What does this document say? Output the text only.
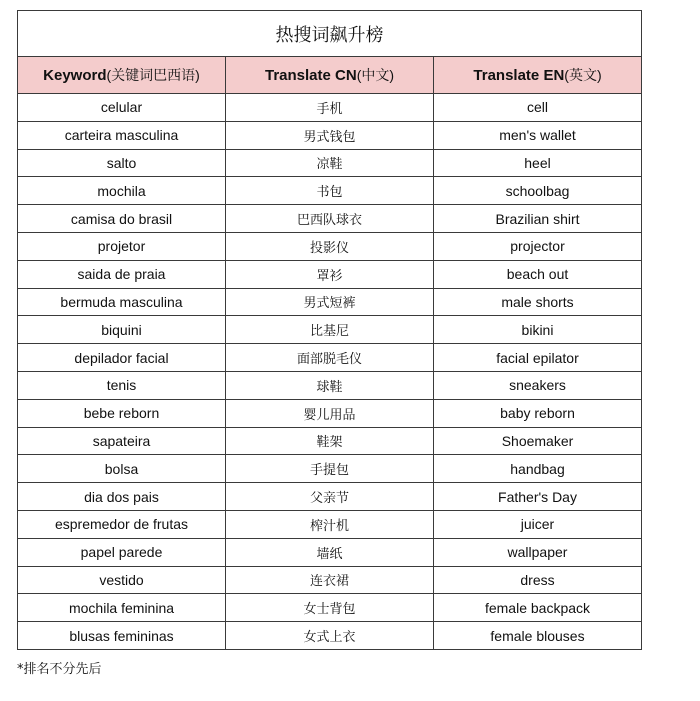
热搜词飙升榜		
Keyword(关键词巴西语)	Translate CN(中文)	Translate EN(英文)
celular	手机	cell
carteira masculina	男式钱包	men's wallet
salto	凉鞋	heel
mochila	书包	schoolbag
camisa do brasil	巴西队球衣	Brazilian shirt
projetor	投影仪	projector
saida de praia	罩衫	beach out
bermuda masculina	男式短裤	male shorts
biquini	比基尼	bikini
depilador facial	面部脱毛仪	facial epilator
tenis	球鞋	sneakers
bebe reborn	婴儿用品	baby reborn
sapateira	鞋架	Shoemaker
bolsa	手提包	handbag
dia dos pais	父亲节	Father's Day
espremedor de frutas	榨汁机	juicer
papel parede	墙纸	wallpaper
vestido	连衣裙	dress
mochila feminina	女士背包	female backpack
blusas femininas	女式上衣	female blouses
*排名不分先后
